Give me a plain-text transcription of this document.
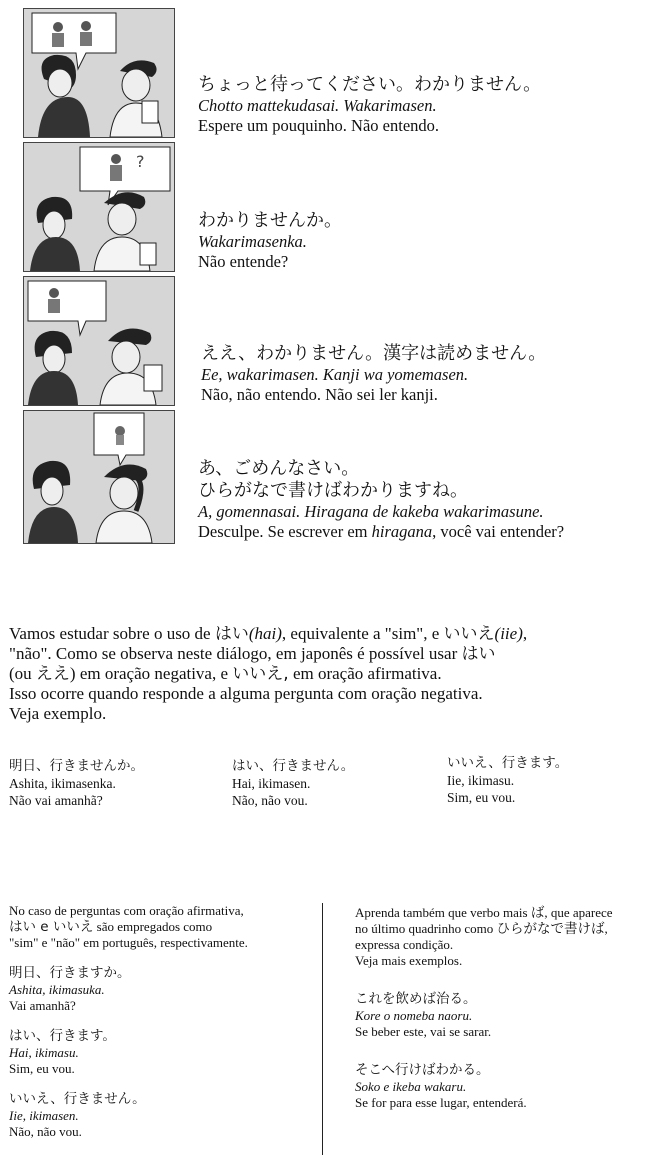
?
ちょっと待ってください。わかりません。
Chotto mattekudasai. Wakarimasen.
Espere um pouquinho. Não entendo.
わかりませんか。
Wakarimasenka.
Não entende?
ええ、わかりません。漢字は読めません。
Ee, wakarimasen. Kanji wa yomemasen.
Não, não entendo. Não sei ler kanji.
あ、ごめんなさい。
ひらがなで書けばわかりますね。
A, gomennasai. Hiragana de kakeba wakarimasune.
Desculpe. Se escrever em hiragana, você vai entender?
Vamos estudar sobre o uso de はい(hai), equivalente a "sim", e いいえ(iie),
"não". Como se observa neste diálogo, em japonês é possível usar はい
(ou ええ) em oração negativa, e いいえ, em oração afirmativa.
Isso ocorre quando responde a alguma pergunta com oração negativa.
Veja exemplo.
明日、行きませんか。
Ashita, ikimasenka.
Não vai amanhã?
はい、行きません。
Hai, ikimasen.
Não, não vou.
いいえ、行きます。
Iie, ikimasu.
Sim, eu vou.
No caso de perguntas com oração afirmativa,
はい e いいえ são empregados como
"sim" e "não" em português, respectivamente.
明日、行きますか。
Ashita, ikimasuka.
Vai amanhã?
はい、行きます。
Hai, ikimasu.
Sim, eu vou.
いいえ、行きません。
Iie, ikimasen.
Não, não vou.
Aprenda também que verbo mais ば, que aparece
no último quadrinho como ひらがなで書けば,
expressa condição.
Veja mais exemplos.
これを飲めば治る。
Kore o nomeba naoru.
Se beber este, vai se sarar.
そこへ行けばわかる。
Soko e ikeba wakaru.
Se for para esse lugar, entenderá.
